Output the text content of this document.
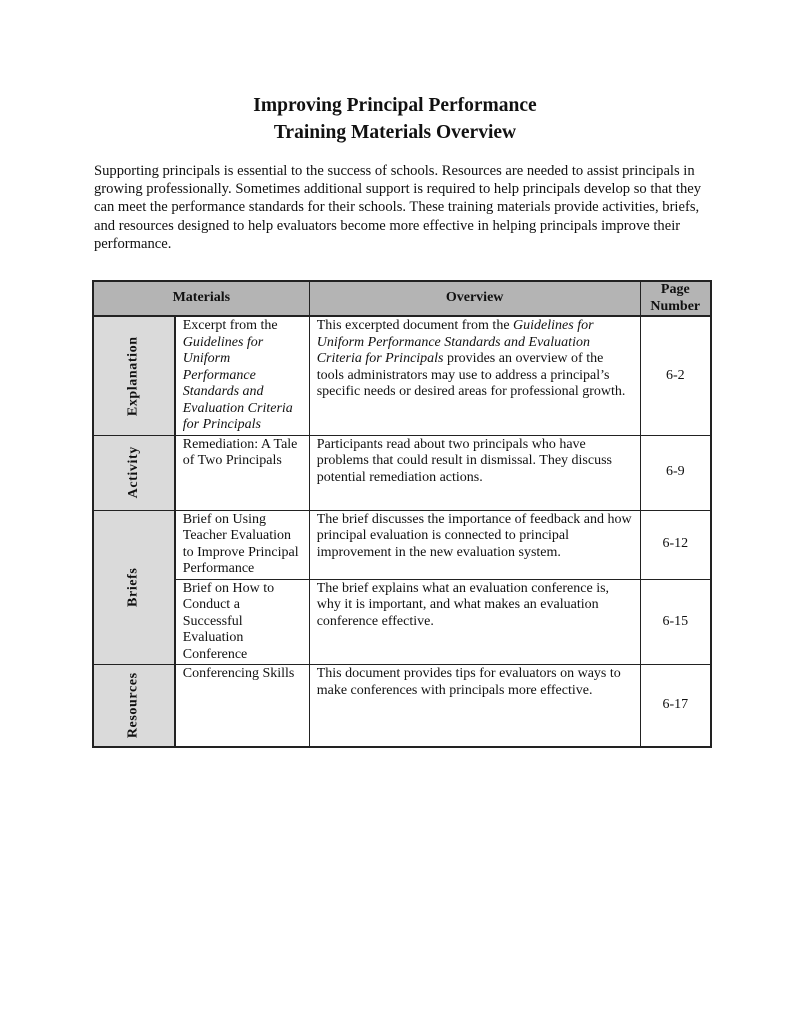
Improving Principal Performance
Training Materials Overview

Supporting principals is essential to the success of schools. Resources are needed to assist principals in growing professionally. Sometimes additional support is required to help principals develop so that they can meet the performance standards for their schools. These training materials provide activities, briefs, and resources designed to help evaluators become more effective in helping principals improve their performance.

Materials		Overview	Page
Number
Explanation	Excerpt from the Guidelines for Uniform Performance Standards and Evaluation Criteria for Principals	This excerpted document from the Guidelines for Uniform Performance Standards and Evaluation Criteria for Principals provides an overview of the tools administrators may use to address a principal’s specific needs or desired areas for professional growth.	6-2
Activity	Remediation: A Tale of Two Principals	Participants read about two principals who have problems that could result in dismissal. They discuss potential remediation actions.	6-9
Briefs	Brief on Using Teacher Evaluation to Improve Principal Performance	The brief discusses the importance of feedback and how principal evaluation is connected to principal improvement in the new evaluation system.	6-12
	Brief on How to Conduct a Successful Evaluation Conference	The brief explains what an evaluation conference is, why it is important, and what makes an evaluation conference effective.	6-15
Resources	Conferencing Skills	This document provides tips for evaluators on ways to make conferences with principals more effective.	6-17
